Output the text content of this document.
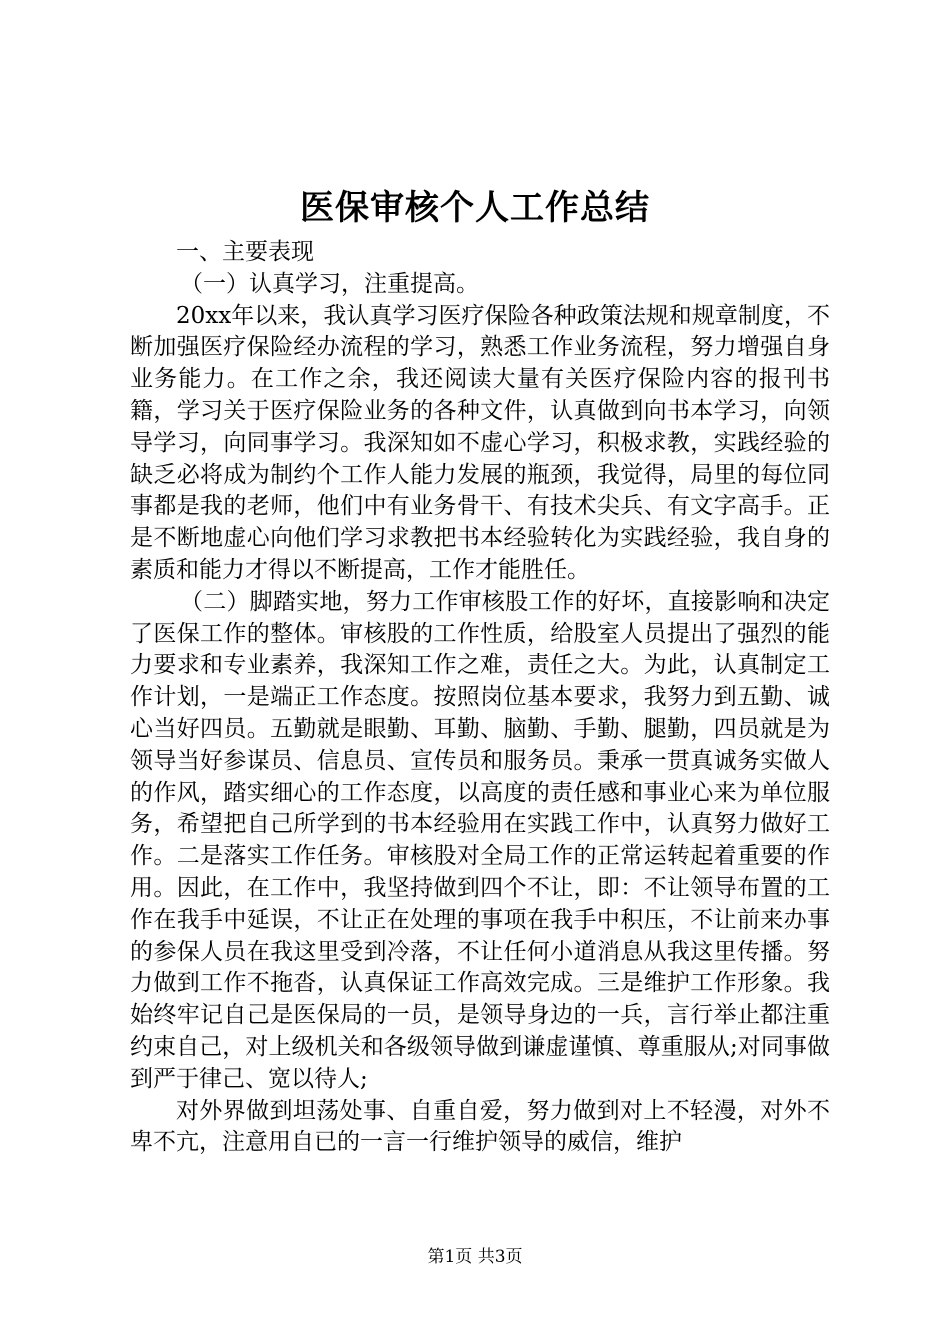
医保审核个人工作总结

一、主要表现

（一）认真学习，注重提高。

20xx年以来，我认真学习医疗保险各种政策法规和规章制度，不断加强医疗保险经办流程的学习，熟悉工作业务流程，努力增强自身业务能力。在工作之余，我还阅读大量有关医疗保险内容的报刊书籍，学习关于医疗保险业务的各种文件，认真做到向书本学习，向领导学习，向同事学习。我深知如不虚心学习，积极求教，实践经验的缺乏必将成为制约个工作人能力发展的瓶颈，我觉得，局里的每位同事都是我的老师，他们中有业务骨干、有技术尖兵、有文字高手。正是不断地虚心向他们学习求教把书本经验转化为实践经验，我自身的素质和能力才得以不断提高，工作才能胜任。

（二）脚踏实地，努力工作审核股工作的好坏，直接影响和决定了医保工作的整体。审核股的工作性质，给股室人员提出了强烈的能力要求和专业素养，我深知工作之难，责任之大。为此，认真制定工作计划，一是端正工作态度。按照岗位基本要求，我努力到五勤、诚心当好四员。五勤就是眼勤、耳勤、脑勤、手勤、腿勤，四员就是为领导当好参谋员、信息员、宣传员和服务员。秉承一贯真诚务实做人的作风，踏实细心的工作态度，以高度的责任感和事业心来为单位服务，希望把自己所学到的书本经验用在实践工作中，认真努力做好工作。二是落实工作任务。审核股对全局工作的正常运转起着重要的作用。因此，在工作中，我坚持做到四个不让，即：不让领导布置的工作在我手中延误，不让正在处理的事项在我手中积压，不让前来办事的参保人员在我这里受到冷落，不让任何小道消息从我这里传播。努力做到工作不拖沓，认真保证工作高效完成。三是维护工作形象。我始终牢记自己是医保局的一员，是领导身边的一兵，言行举止都注重约束自己，对上级机关和各级领导做到谦虚谨慎、尊重服从;对同事做到严于律己、宽以待人;

对外界做到坦荡处事、自重自爱，努力做到对上不轻漫，对外不卑不亢，注意用自已的一言一行维护领导的威信，维护

第1页 共3页
